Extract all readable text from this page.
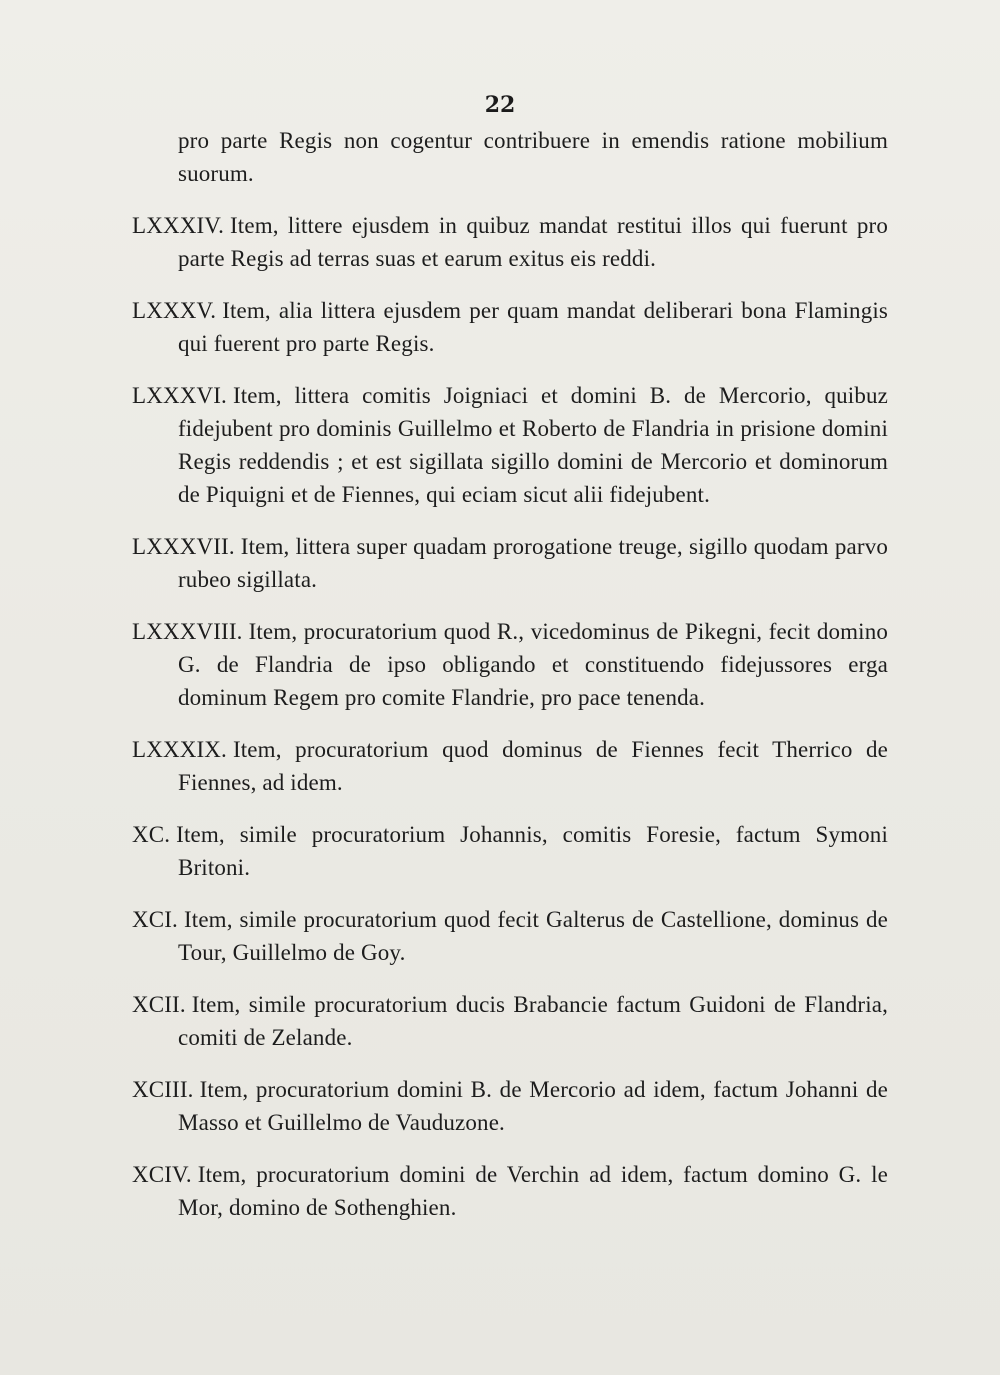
22

pro parte Regis non cogentur contribuere in emendis ratione mobilium suorum.

LXXXIV. Item, littere ejusdem in quibuz mandat restitui illos qui fuerunt pro parte Regis ad terras suas et earum exitus eis reddi.

LXXXV. Item, alia littera ejusdem per quam mandat deliberari bona Flamingis qui fuerent pro parte Regis.

LXXXVI. Item, littera comitis Joigniaci et domini B. de Mercorio, quibuz fidejubent pro dominis Guillelmo et Roberto de Flandria in prisione domini Regis reddendis ; et est sigillata sigillo domini de Mercorio et dominorum de Piquigni et de Fiennes, qui eciam sicut alii fidejubent.

LXXXVII. Item, littera super quadam prorogatione treuge, sigillo quodam parvo rubeo sigillata.

LXXXVIII. Item, procuratorium quod R., vicedominus de Pikegni, fecit domino G. de Flandria de ipso obligando et constituendo fidejussores erga dominum Regem pro comite Flandrie, pro pace tenenda.

LXXXIX. Item, procuratorium quod dominus de Fiennes fecit Therrico de Fiennes, ad idem.

XC. Item, simile procuratorium Johannis, comitis Foresie, factum Symoni Britoni.

XCI. Item, simile procuratorium quod fecit Galterus de Castellione, dominus de Tour, Guillelmo de Goy.

XCII. Item, simile procuratorium ducis Brabancie factum Guidoni de Flandria, comiti de Zelande.

XCIII. Item, procuratorium domini B. de Mercorio ad idem, factum Johanni de Masso et Guillelmo de Vauduzone.

XCIV. Item, procuratorium domini de Verchin ad idem, factum domino G. le Mor, domino de Sothenghien.
